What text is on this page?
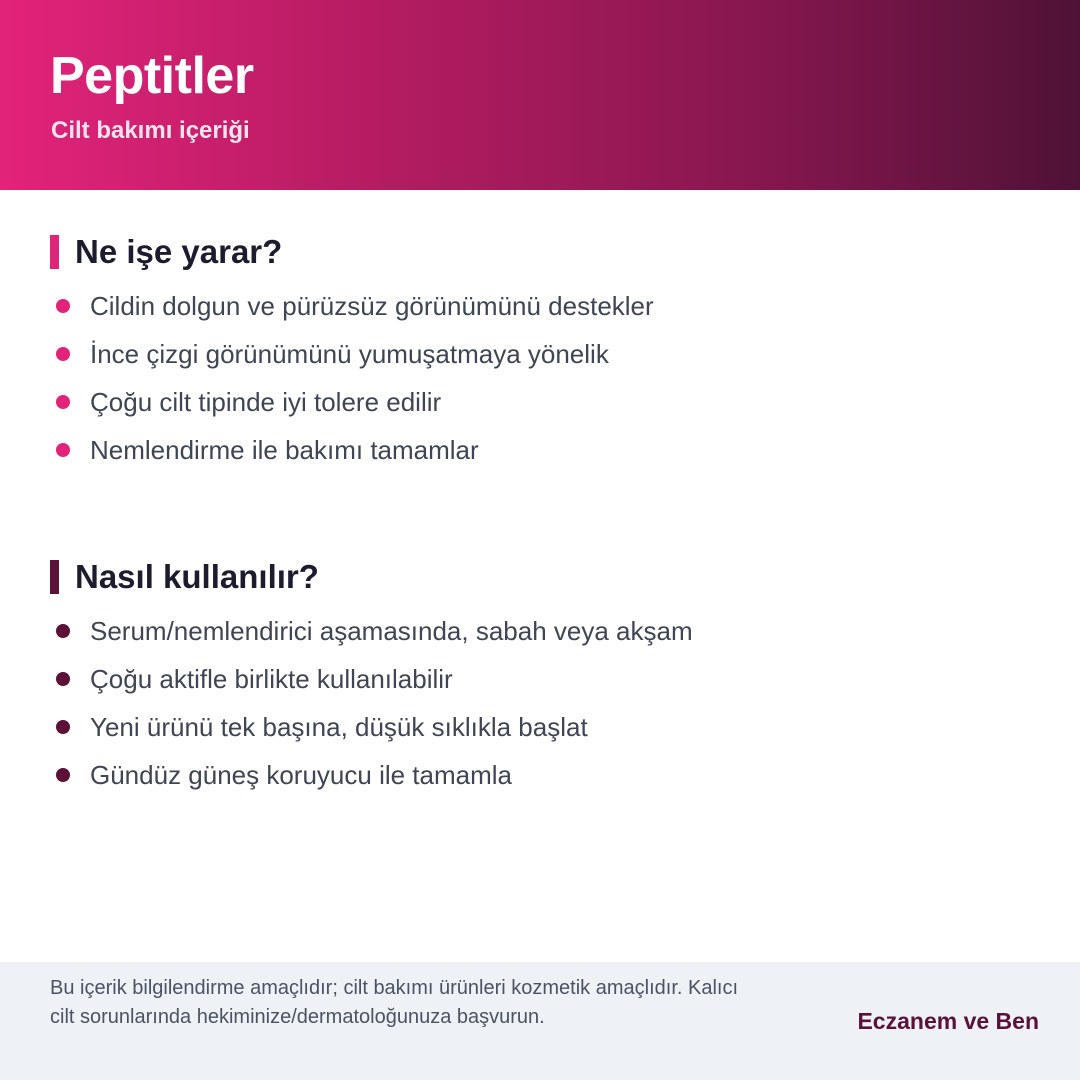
Peptitler
Cilt bakımı içeriği
Ne işe yarar?
Cildin dolgun ve pürüzsüz görünümünü destekler
İnce çizgi görünümünü yumuşatmaya yönelik
Çoğu cilt tipinde iyi tolere edilir
Nemlendirme ile bakımı tamamlar
Nasıl kullanılır?
Serum/nemlendirici aşamasında, sabah veya akşam
Çoğu aktifle birlikte kullanılabilir
Yeni ürünü tek başına, düşük sıklıkla başlat
Gündüz güneş koruyucu ile tamamla
Bu içerik bilgilendirme amaçlıdır; cilt bakımı ürünleri kozmetik amaçlıdır. Kalıcı
cilt sorunlarında hekiminize/dermatoloğunuza başvurun.	Eczanem ve Ben
